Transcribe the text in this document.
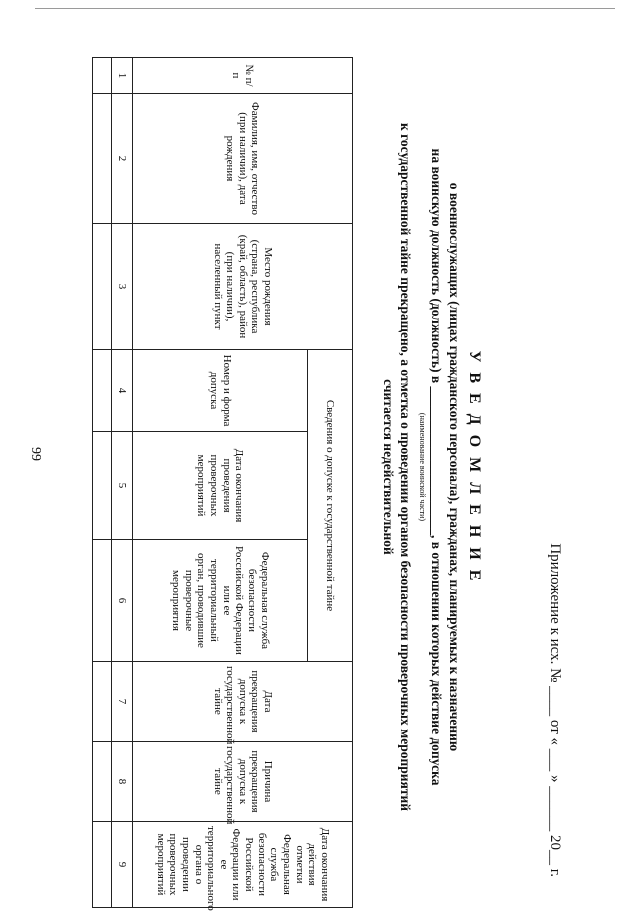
99
Приложение к исх. № ____ от « ___ » ______ 20__ г.
У В Е Д О М Л Е Н И Е
о военнослужащих (лицах гражданского персонала), гражданах, планируемых к назначению
на воинскую должность (должность) в ______________________, в отношении которых действие допуска
(наименование воинской части)
к государственной тайне прекращено, а отметка о проведении органом безопасности проверочных мероприятий
считается недействительной
№ п/п	Фамилия, имя, отчество (при наличии), дата рождения	Место рождения (страна, республика (край, область), район (при наличии), населенный пункт	Сведения о допуске к государственной тайне			Дата прекращения допуска к государственной тайне	Причина прекращения допуска к государственной тайне	Дата окончания действия отметки Федеральная служба безопасности Российской Федерации или ее территориального органа о проведении проверочных мероприятий
			Номер и форма допуска	Дата окончания проведения проверочных мероприятий	Федеральная служба безопасности Российской Федерации или ее территориальный орган, проводившие проверочные мероприятия			
1	2	3	4	5	6	7	8	9
